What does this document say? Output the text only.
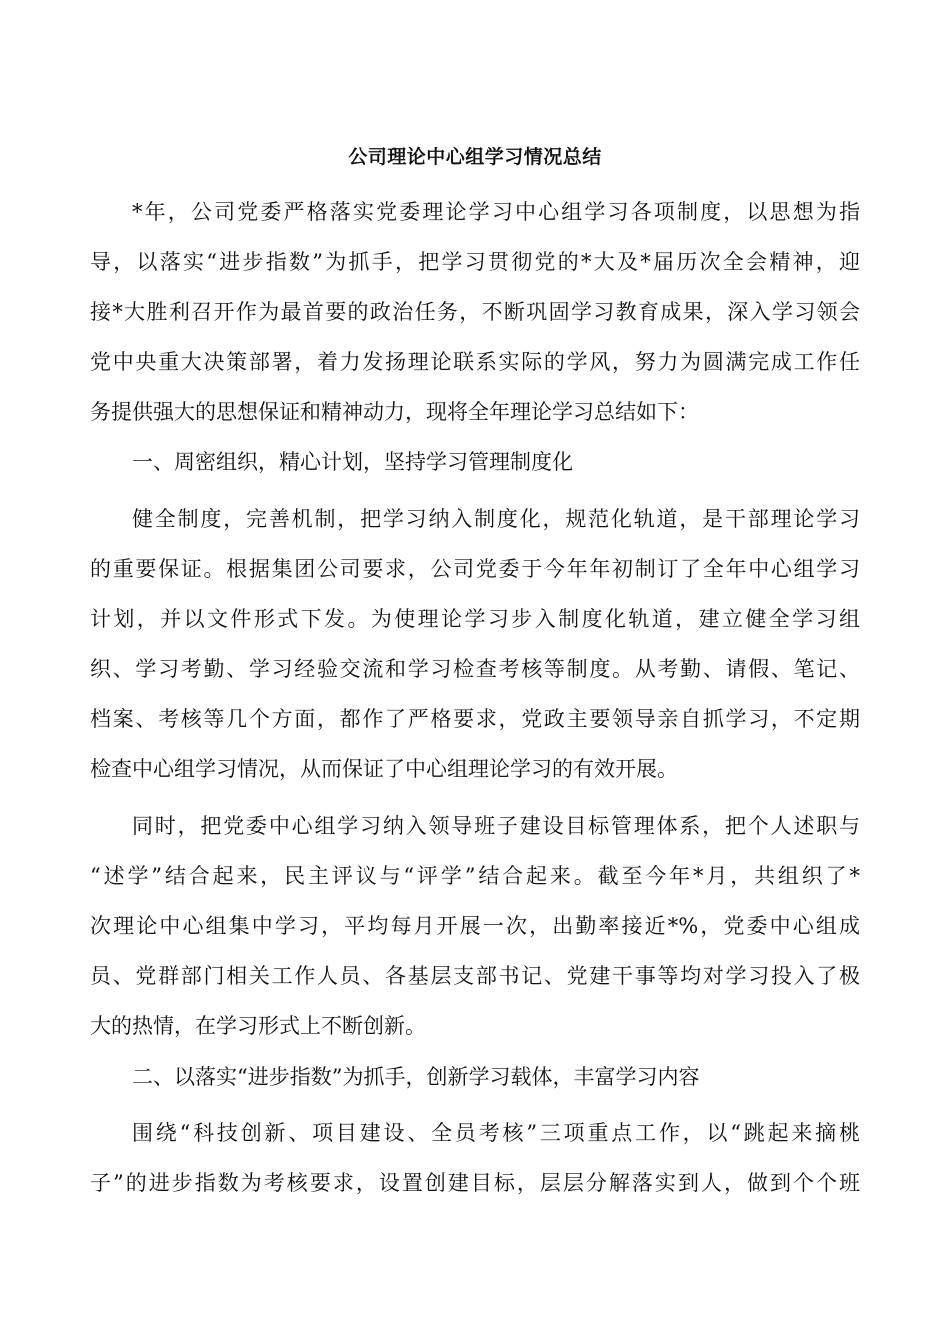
公司理论中心组学习情况总结
*年，公司党委严格落实党委理论学习中心组学习各项制度，以思想为指
导，以落实“进步指数”为抓手，把学习贯彻党的*大及*届历次全会精神，迎
接*大胜利召开作为最首要的政治任务，不断巩固学习教育成果，深入学习领会
党中央重大决策部署，着力发扬理论联系实际的学风，努力为圆满完成工作任
务提供强大的思想保证和精神动力，现将全年理论学习总结如下：
一、周密组织，精心计划，坚持学习管理制度化
健全制度，完善机制，把学习纳入制度化，规范化轨道，是干部理论学习
的重要保证。根据集团公司要求，公司党委于今年年初制订了全年中心组学习
计划，并以文件形式下发。为使理论学习步入制度化轨道，建立健全学习组
织、学习考勤、学习经验交流和学习检查考核等制度。从考勤、请假、笔记、
档案、考核等几个方面，都作了严格要求，党政主要领导亲自抓学习，不定期
检查中心组学习情况，从而保证了中心组理论学习的有效开展。
同时，把党委中心组学习纳入领导班子建设目标管理体系，把个人述职与
“述学”结合起来，民主评议与“评学”结合起来。截至今年*月，共组织了*
次理论中心组集中学习，平均每月开展一次，出勤率接近*%，党委中心组成
员、党群部门相关工作人员、各基层支部书记、党建干事等均对学习投入了极
大的热情，在学习形式上不断创新。
二、以落实“进步指数”为抓手，创新学习载体，丰富学习内容
围绕“科技创新、项目建设、全员考核”三项重点工作，以“跳起来摘桃
子”的进步指数为考核要求，设置创建目标，层层分解落实到人，做到个个班
